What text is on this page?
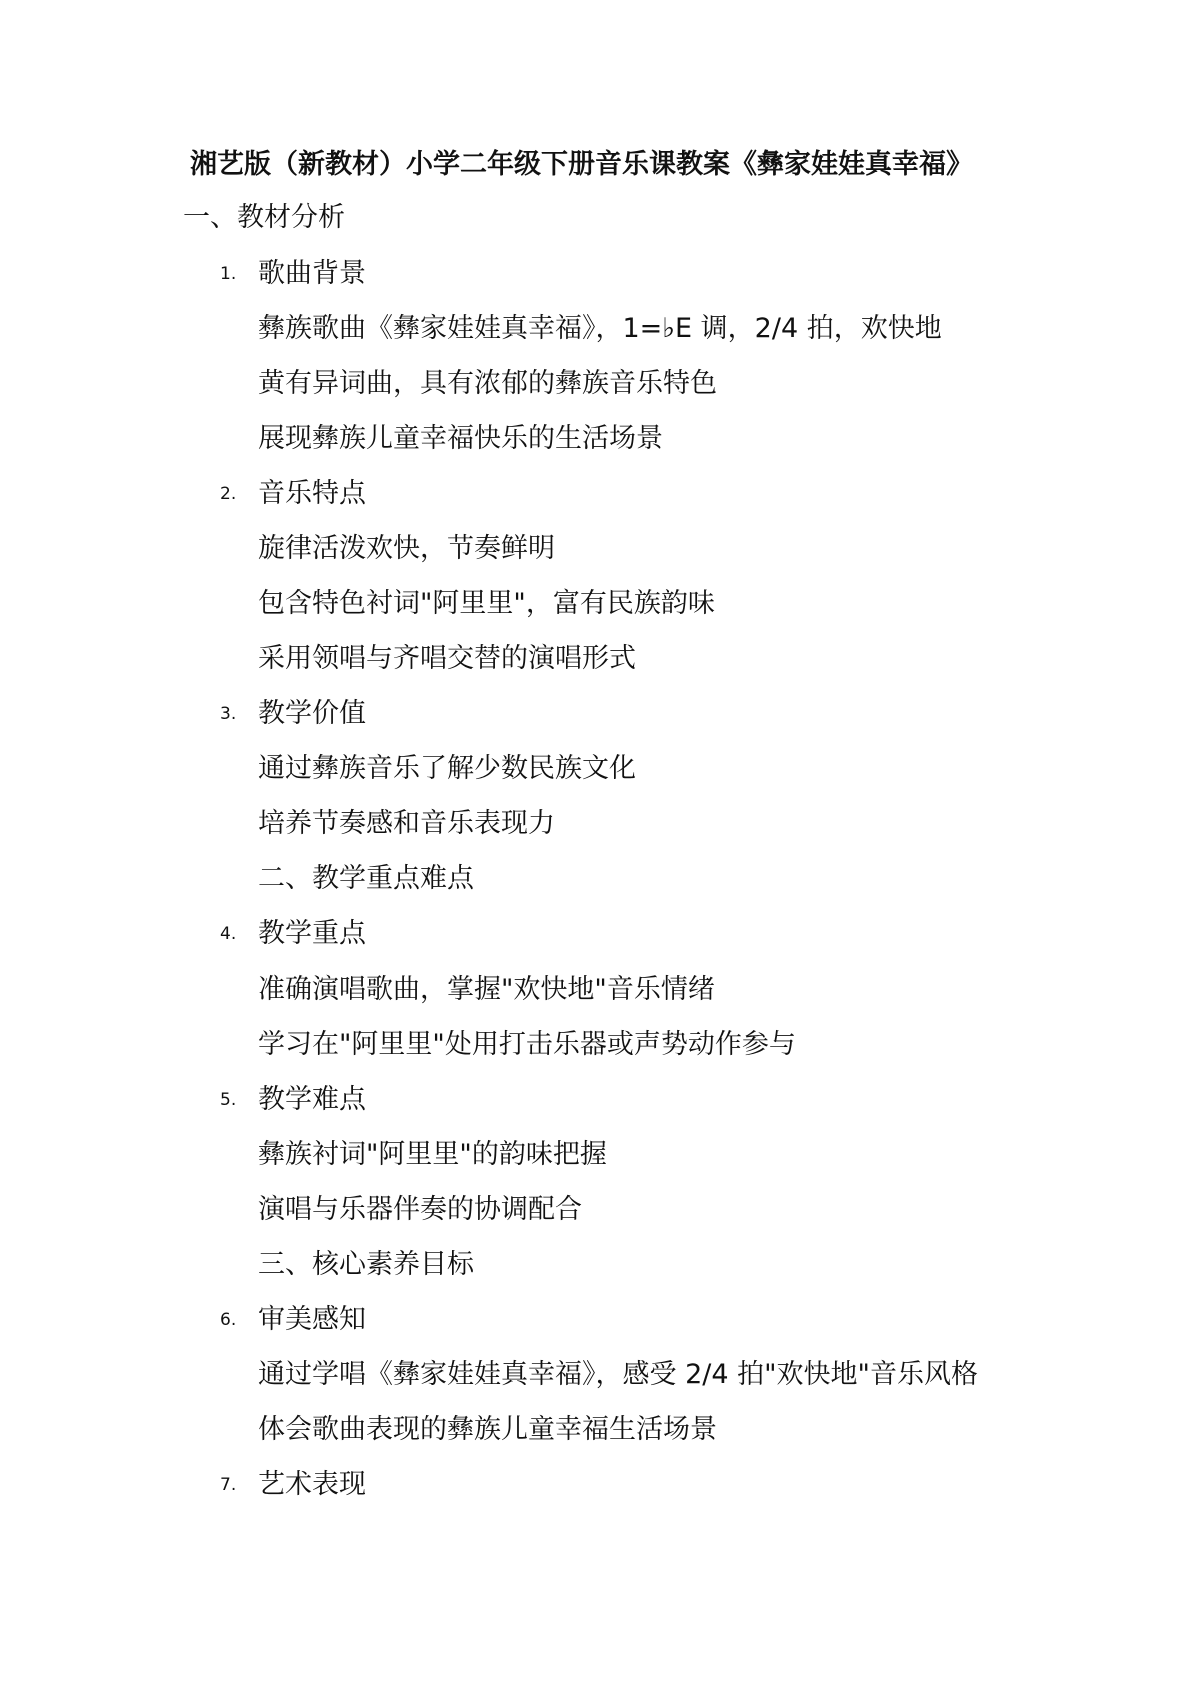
湘艺版（新教材）小学二年级下册音乐课教案《彝家娃娃真幸福》
一、教材分析
1. 歌曲背景
彝族歌曲《彝家娃娃真幸福》，1=♭E 调，2/4 拍，欢快地
黄有异词曲，具有浓郁的彝族音乐特色
展现彝族儿童幸福快乐的生活场景
2. 音乐特点
旋律活泼欢快，节奏鲜明
包含特色衬词"阿里里"，富有民族韵味
采用领唱与齐唱交替的演唱形式
3. 教学价值
通过彝族音乐了解少数民族文化
培养节奏感和音乐表现力
二、教学重点难点
4. 教学重点
准确演唱歌曲，掌握"欢快地"音乐情绪
学习在"阿里里"处用打击乐器或声势动作参与
5. 教学难点
彝族衬词"阿里里"的韵味把握
演唱与乐器伴奏的协调配合
三、核心素养目标
6. 审美感知
通过学唱《彝家娃娃真幸福》，感受 2/4 拍"欢快地"音乐风格
体会歌曲表现的彝族儿童幸福生活场景
7. 艺术表现
